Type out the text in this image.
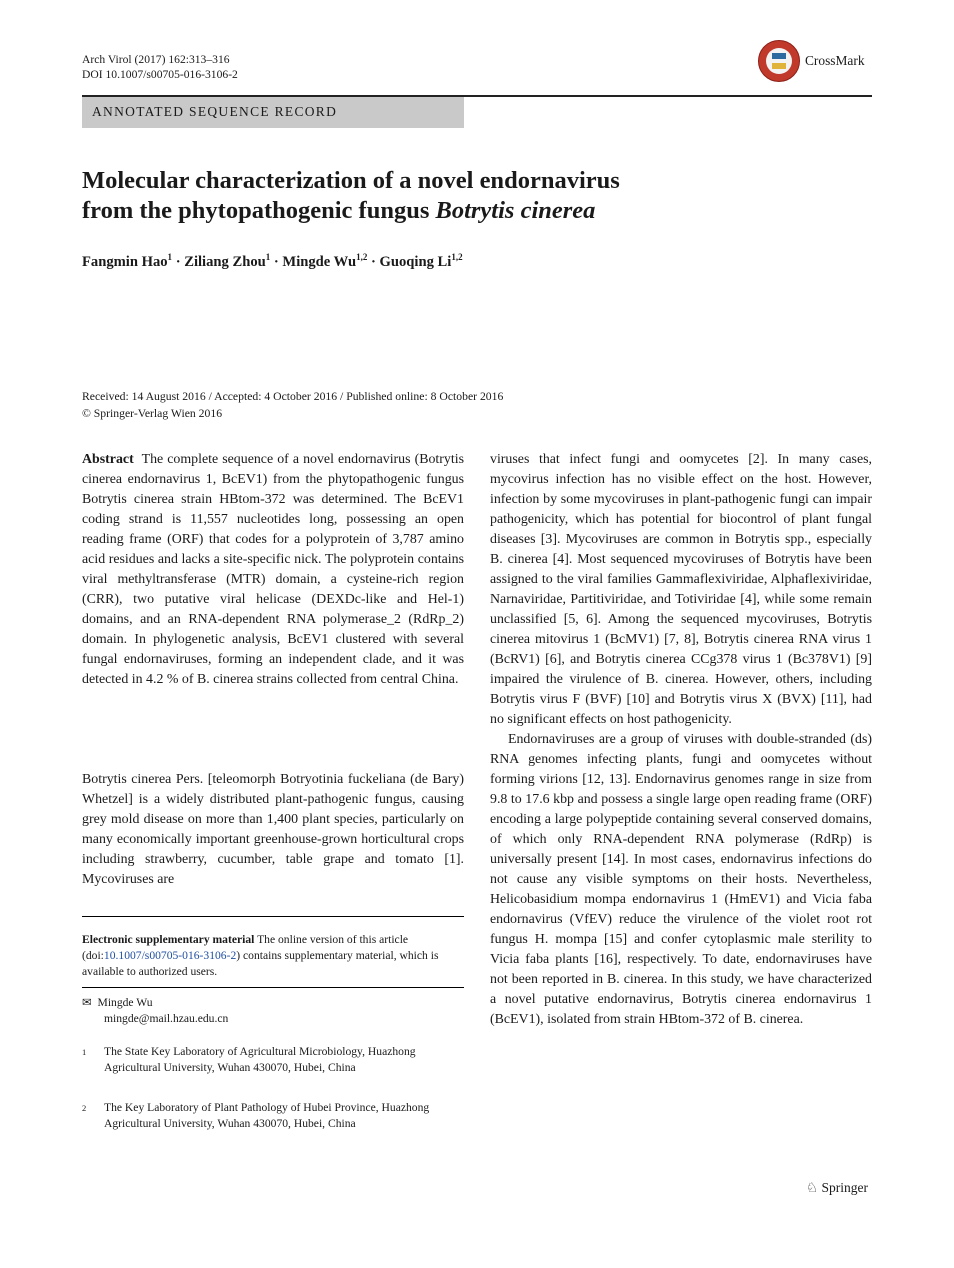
Arch Virol (2017) 162:313–316
DOI 10.1007/s00705-016-3106-2
CrossMark
ANNOTATED SEQUENCE RECORD
Molecular characterization of a novel endornavirus
from the phytopathogenic fungus Botrytis cinerea
Fangmin Hao$^1$ · Ziliang Zhou$^1$ · Mingde Wu$^{1,2}$ · Guoqing Li$^{1,2}$
Received: 14 August 2016 / Accepted: 4 October 2016 / Published online: 8 October 2016
© Springer-Verlag Wien 2016

Abstract The complete sequence of a novel endornavirus (Botrytis cinerea endornavirus 1, BcEV1) from the phytopathogenic fungus Botrytis cinerea strain HBtom-372 was determined. The BcEV1 coding strand is 11,557 nucleotides long, possessing an open reading frame (ORF) that codes for a polyprotein of 3,787 amino acid residues and lacks a site-specific nick. The polyprotein contains viral methyltransferase (MTR) domain, a cysteine-rich region (CRR), two putative viral helicase (DEXDc-like and Hel-1) domains, and an RNA-dependent RNA polymerase_2 (RdRp_2) domain. In phylogenetic analysis, BcEV1 clustered with several fungal endornaviruses, forming an independent clade, and it was detected in 4.2 % of B. cinerea strains collected from central China.

Botrytis cinerea Pers. [teleomorph Botryotinia fuckeliana (de Bary) Whetzel] is a widely distributed plant-pathogenic fungus, causing grey mold disease on more than 1,400 plant species, particularly on many economically important greenhouse-grown horticultural crops including strawberry, cucumber, table grape and tomato [1]. Mycoviruses are

Electronic supplementary material The online version of this article (doi:10.1007/s00705-016-3106-2) contains supplementary material, which is available to authorized users.
✉ Mingde Wu
mingde@mail.hzau.edu.cn
1 The State Key Laboratory of Agricultural Microbiology, Huazhong Agricultural University, Wuhan 430070, Hubei, China
2 The Key Laboratory of Plant Pathology of Hubei Province, Huazhong Agricultural University, Wuhan 430070, Hubei, China

viruses that infect fungi and oomycetes [2]. In many cases, mycovirus infection has no visible effect on the host. However, infection by some mycoviruses in plant-pathogenic fungi can impair pathogenicity, which has potential for biocontrol of plant fungal diseases [3]. Mycoviruses are common in Botrytis spp., especially B. cinerea [4]. Most sequenced mycoviruses of Botrytis have been assigned to the viral families Gammaflexiviridae, Alphaflexiviridae, Narnaviridae, Partitiviridae, and Totiviridae [4], while some remain unclassified [5, 6]. Among the sequenced mycoviruses, Botrytis cinerea mitovirus 1 (BcMV1) [7, 8], Botrytis cinerea RNA virus 1 (BcRV1) [6], and Botrytis cinerea CCg378 virus 1 (Bc378V1) [9] impaired the virulence of B. cinerea. However, others, including Botrytis virus F (BVF) [10] and Botrytis virus X (BVX) [11], had no significant effects on host pathogenicity.

Endornaviruses are a group of viruses with double-stranded (ds) RNA genomes infecting plants, fungi and oomycetes without forming virions [12, 13]. Endornavirus genomes range in size from 9.8 to 17.6 kbp and possess a single large open reading frame (ORF) encoding a large polypeptide containing several conserved domains, of which only RNA-dependent RNA polymerase (RdRp) is universally present [14]. In most cases, endornavirus infections do not cause any visible symptoms on their hosts. Nevertheless, Helicobasidium mompa endornavirus 1 (HmEV1) and Vicia faba endornavirus (VfEV) reduce the virulence of the violet root rot fungus H. mompa [15] and confer cytoplasmic male sterility to Vicia faba plants [16], respectively. To date, endornaviruses have not been reported in B. cinerea. In this study, we have characterized a novel putative endornavirus, Botrytis cinerea endornavirus 1 (BcEV1), isolated from strain HBtom-372 of B. cinerea.

♘ Springer
